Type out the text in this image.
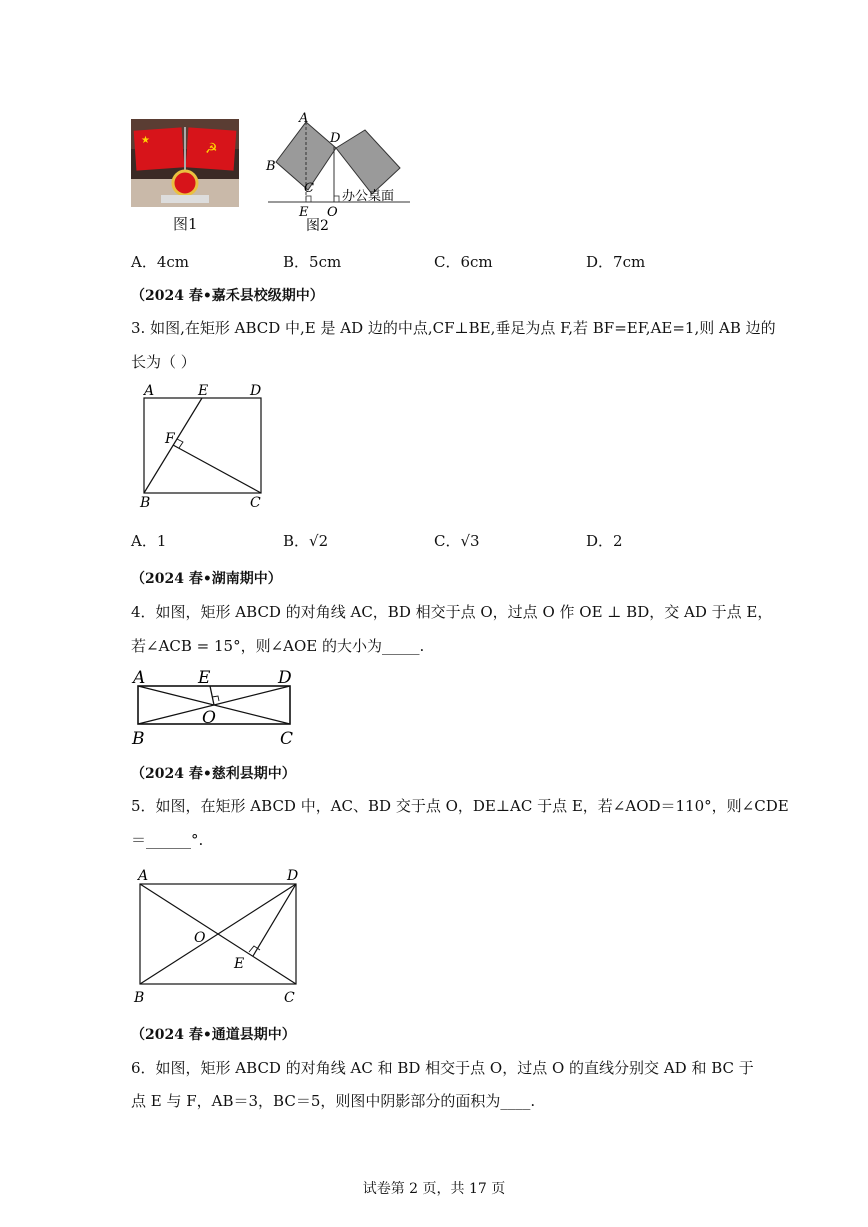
★
☭
图1
A
B
C
D
E O
办公桌面
图2
A．4cm	B．5cm	C．6cm	D．7cm
（2024 春•嘉禾县校级期中）
3. 如图,在矩形 ABCD 中,E 是 AD 边的中点,CF⊥BE,垂足为点 F,若 BF=EF,AE=1,则 AB 边的
长为（ ）
A	E	D
F
B	C
A．1	B．√2	C．√3	D．2
（2024 春•湖南期中）
4．如图，矩形 ABCD 的对角线 AC，BD 相交于点 O，过点 O 作 OE ⊥ BD，交 AD 于点 E，
若∠ACB = 15°，则∠AOE 的大小为_____.
A	E	D
O
B	C
（2024 春•慈利县期中）
5．如图，在矩形 ABCD 中，AC、BD 交于点 O，DE⊥AC 于点 E，若∠AOD＝110°，则∠CDE
＝______°.
A	D
O
E
B	C
（2024 春•通道县期中）
6．如图，矩形 ABCD 的对角线 AC 和 BD 相交于点 O，过点 O 的直线分别交 AD 和 BC 于
点 E 与 F，AB＝3，BC＝5，则图中阴影部分的面积为____.
试卷第 2 页，共 17 页
